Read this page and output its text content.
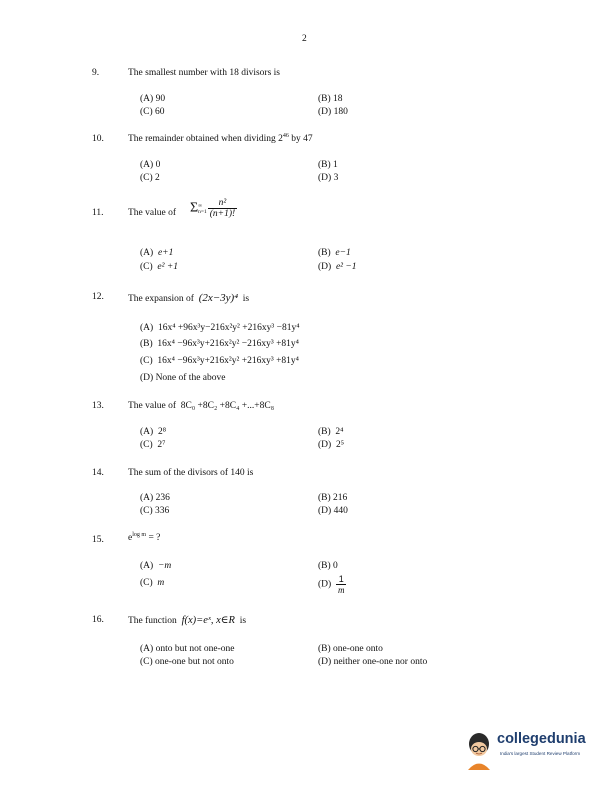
2
9.	The smallest number with 18 divisors is
(A) 90	(B) 18
(C) 60	(D) 180
10.	The remainder obtained when dividing $2^{46}$ by 47
(A) 0	(B) 1
(C) 2	(D) 3
11.	The value of Σ ∞
$n=1 \frac{\text{n²}}{(n+1)!}$
(A) e+1	(B) e−1
(C) e² +1	(D) e² −1
12.	The expansion of (2x−3y)⁴ is
(A) 16x⁴ +96x³y−216x²y² +216xy³ −81y⁴
(B) 16x⁴ −96x³y+216x²y² −216xy³ +81y⁴
(C) 16x⁴ −96x³y+216x²y² +216xy³ +81y⁴
(D) None of the above
13.	The value of 8C₀ +8C₂ +8C₄ +...+8C₈
(A) 2⁸	(B) 2⁴
(C) 2⁷	(D) 2⁵
14.	The sum of the divisors of 140 is
(A) 236	(B) 216
(C) 336	(D) 440
15.	$e^{log m}$ = ?
(A) −m	(B) 0
(C) m	$(D) \frac{1}{m}$
16.	The function f(x)=eˣ, x∈R is
(A) onto but not one-one	(B) one-one onto
(C) one-one but not onto	(D) neither one-one nor onto
collegedunia
India's largest Student Review Platform
